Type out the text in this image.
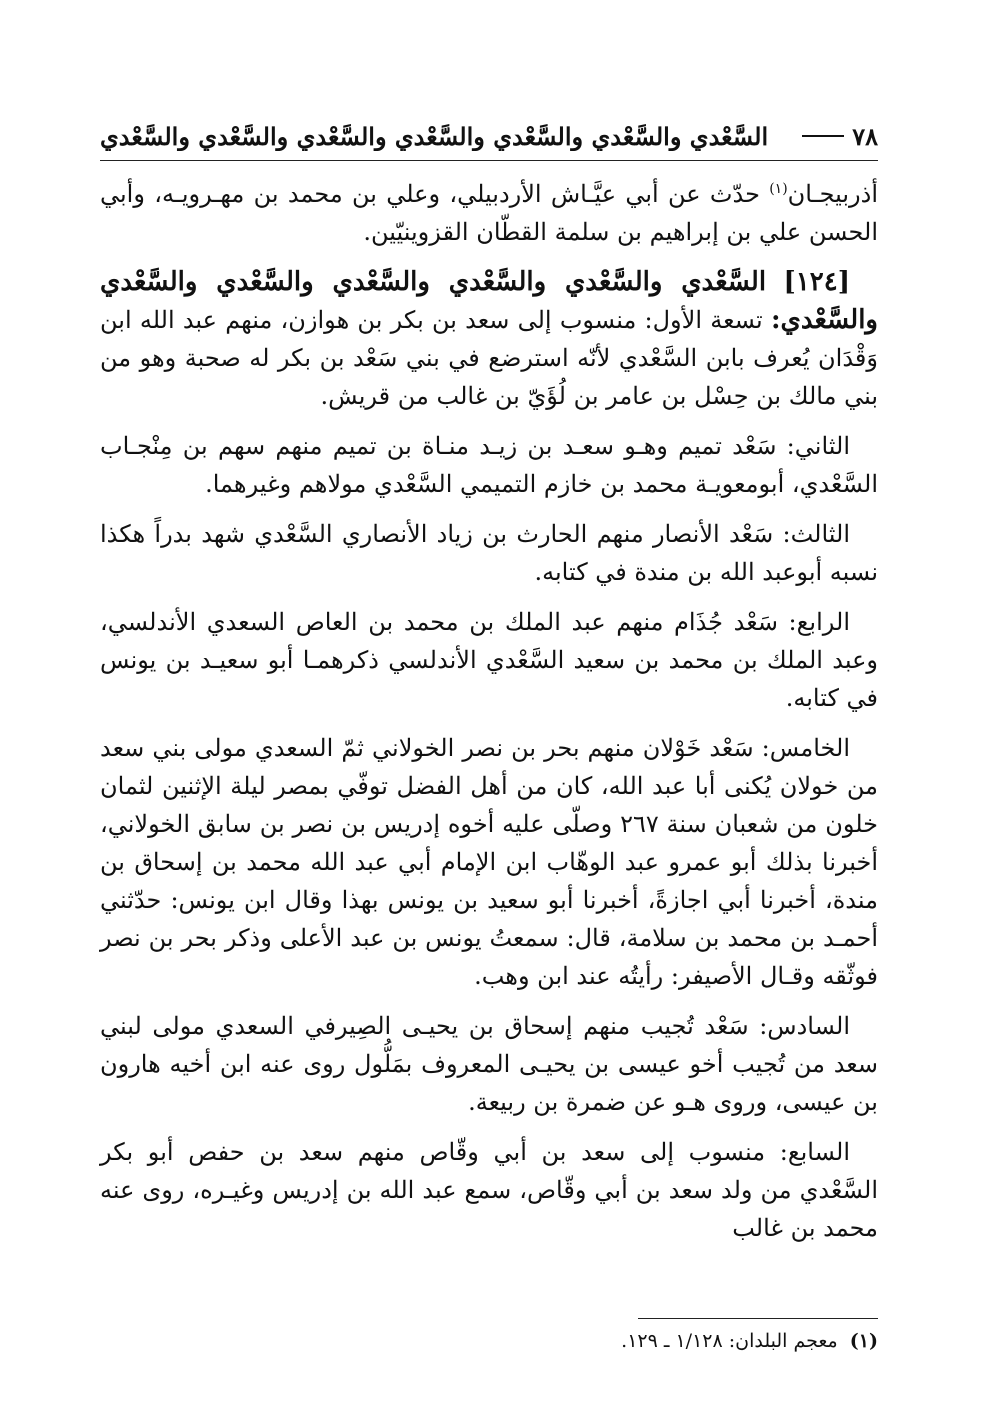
٧٨
السَّعْدي والسَّعْدي والسَّعْدي والسَّعْدي والسَّعْدي والسَّعْدي والسَّعْدي

أذربيجـان$^{(١)}$ حدّث عن أبي عيَّـاش الأردبيلي، وعلي بن محمد بن مهـرويـه، وأبي الحسن علي بن إبراهيم بن سلمة القطّان القزوينيّين.

[١٢٤] السَّعْدي والسَّعْدي والسَّعْدي والسَّعْدي والسَّعْدي والسَّعْدي والسَّعْدي: تسعة الأول: منسوب إلى سعد بن بكر بن هوازن، منهم عبد الله ابن وَقْدَان يُعرف بابن السَّعْدي لأنّه استرضع في بني سَعْد بن بكر له صحبة وهو من بني مالك بن حِسْل بن عامر بن لُؤَيّ بن غالب من قريش.

الثاني: سَعْد تميم وهـو سعـد بن زيـد منـاة بن تميم منهم سهم بن مِنْجـاب السَّعْدي، أبومعويـة محمد بن خازم التميمي السَّعْدي مولاهم وغيرهما.

الثالث: سَعْد الأنصار منهم الحارث بن زياد الأنصاري السَّعْدي شهد بدراً هكذا نسبه أبوعبد الله بن مندة في كتابه.

الرابع: سَعْد جُذَام منهم عبد الملك بن محمد بن العاص السعدي الأندلسي، وعبد الملك بن محمد بن سعيد السَّعْدي الأندلسي ذكرهمـا أبو سعيـد بن يونس في كتابه.

الخامس: سَعْد خَوْلان منهم بحر بن نصر الخولاني ثمّ السعدي مولى بني سعد من خولان يُكنى أبا عبد الله، كان من أهل الفضل توفّي بمصر ليلة الإثنين لثمان خلون من شعبان سنة ٢٦٧ وصلّى عليه أخوه إدريس بن نصر بن سابق الخولاني، أخبرنا بذلك أبو عمرو عبد الوهّاب ابن الإمام أبي عبد الله محمد بن إسحاق بن مندة، أخبرنا أبي اجازةً، أخبرنا أبو سعيد بن يونس بهذا وقال ابن يونس: حدّثني أحمـد بن محمد بن سلامة، قال: سمعتُ يونس بن عبد الأعلى وذكر بحر بن نصر فوثّقه وقـال الأصيفر: رأيتُه عند ابن وهب.

السادس: سَعْد تُجيب منهم إسحاق بن يحيـى الصِيرفي السعدي مولى لبني سعد من تُجيب أخو عيسى بن يحيـى المعروف بمَلُّول روى عنه ابن أخيه هارون بن عيسى، وروى هـو عن ضمرة بن ربيعة.

السابع: منسوب إلى سعد بن أبي وقّاص منهم سعد بن حفص أبو بكر السَّعْدي من ولد سعد بن أبي وقّاص، سمع عبد الله بن إدريس وغيـره، روى عنه محمد بن غالب

(١) معجم البلدان: ١/١٢٨ ـ ١٢٩.
